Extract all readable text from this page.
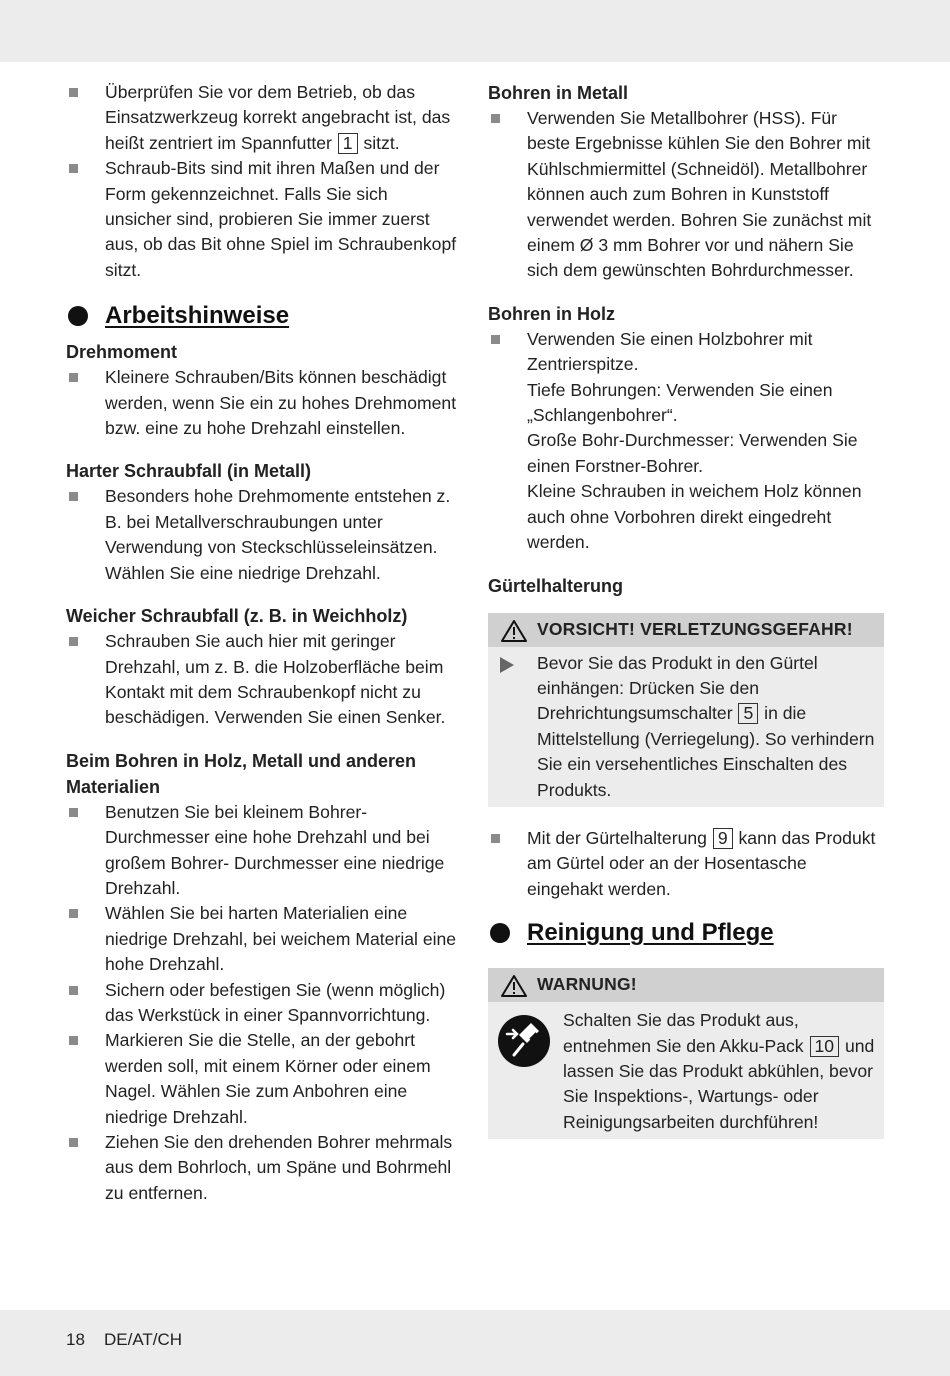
Überprüfen Sie vor dem Betrieb, ob das Einsatzwerkzeug korrekt angebracht ist, das heißt zentriert im Spannfutter 1 sitzt.
Schraub-Bits sind mit ihren Maßen und der Form gekennzeichnet. Falls Sie sich unsicher sind, probieren Sie immer zuerst aus, ob das Bit ohne Spiel im Schraubenkopf sitzt.
Arbeitshinweise
Drehmoment
Kleinere Schrauben/Bits können beschädigt werden, wenn Sie ein zu hohes Drehmoment bzw. eine zu hohe Drehzahl einstellen.
Harter Schraubfall (in Metall)
Besonders hohe Drehmomente entstehen z. B. bei Metallverschraubungen unter Verwendung von Steckschlüsseleinsätzen. Wählen Sie eine niedrige Drehzahl.
Weicher Schraubfall (z. B. in Weichholz)
Schrauben Sie auch hier mit geringer Drehzahl, um z. B. die Holzoberfläche beim Kontakt mit dem Schraubenkopf nicht zu beschädigen. Verwenden Sie einen Senker.
Beim Bohren in Holz, Metall und anderen Materialien
Benutzen Sie bei kleinem Bohrer-Durchmesser eine hohe Drehzahl und bei großem Bohrer- Durchmesser eine niedrige Drehzahl.
Wählen Sie bei harten Materialien eine niedrige Drehzahl, bei weichem Material eine hohe Drehzahl.
Sichern oder befestigen Sie (wenn möglich) das Werkstück in einer Spannvorrichtung.
Markieren Sie die Stelle, an der gebohrt werden soll, mit einem Körner oder einem Nagel. Wählen Sie zum Anbohren eine niedrige Drehzahl.
Ziehen Sie den drehenden Bohrer mehrmals aus dem Bohrloch, um Späne und Bohrmehl zu entfernen.
Bohren in Metall
Verwenden Sie Metallbohrer (HSS). Für beste Ergebnisse kühlen Sie den Bohrer mit Kühlschmiermittel (Schneidöl). Metallbohrer können auch zum Bohren in Kunststoff verwendet werden. Bohren Sie zunächst mit einem Ø 3 mm Bohrer vor und nähern Sie sich dem gewünschten Bohrdurchmesser.
Bohren in Holz
Verwenden Sie einen Holzbohrer mit Zentrierspitze.
Tiefe Bohrungen: Verwenden Sie einen „Schlangenbohrer“.
Große Bohr-Durchmesser: Verwenden Sie einen Forstner-Bohrer.
Kleine Schrauben in weichem Holz können auch ohne Vorbohren direkt eingedreht werden.
Gürtelhalterung
VORSICHT! VERLETZUNGSGEFAHR!
Bevor Sie das Produkt in den Gürtel einhängen: Drücken Sie den Drehrichtungsumschalter 5 in die Mittelstellung (Verriegelung). So verhindern Sie ein versehentliches Einschalten des Produkts.
Mit der Gürtelhalterung 9 kann das Produkt am Gürtel oder an der Hosentasche eingehakt werden.
Reinigung und Pflege
WARNUNG!
Schalten Sie das Produkt aus, entnehmen Sie den Akku-Pack 10 und lassen Sie das Produkt abkühlen, bevor Sie Inspektions-, Wartungs- oder Reinigungsarbeiten durchführen!
18 DE/AT/CH
